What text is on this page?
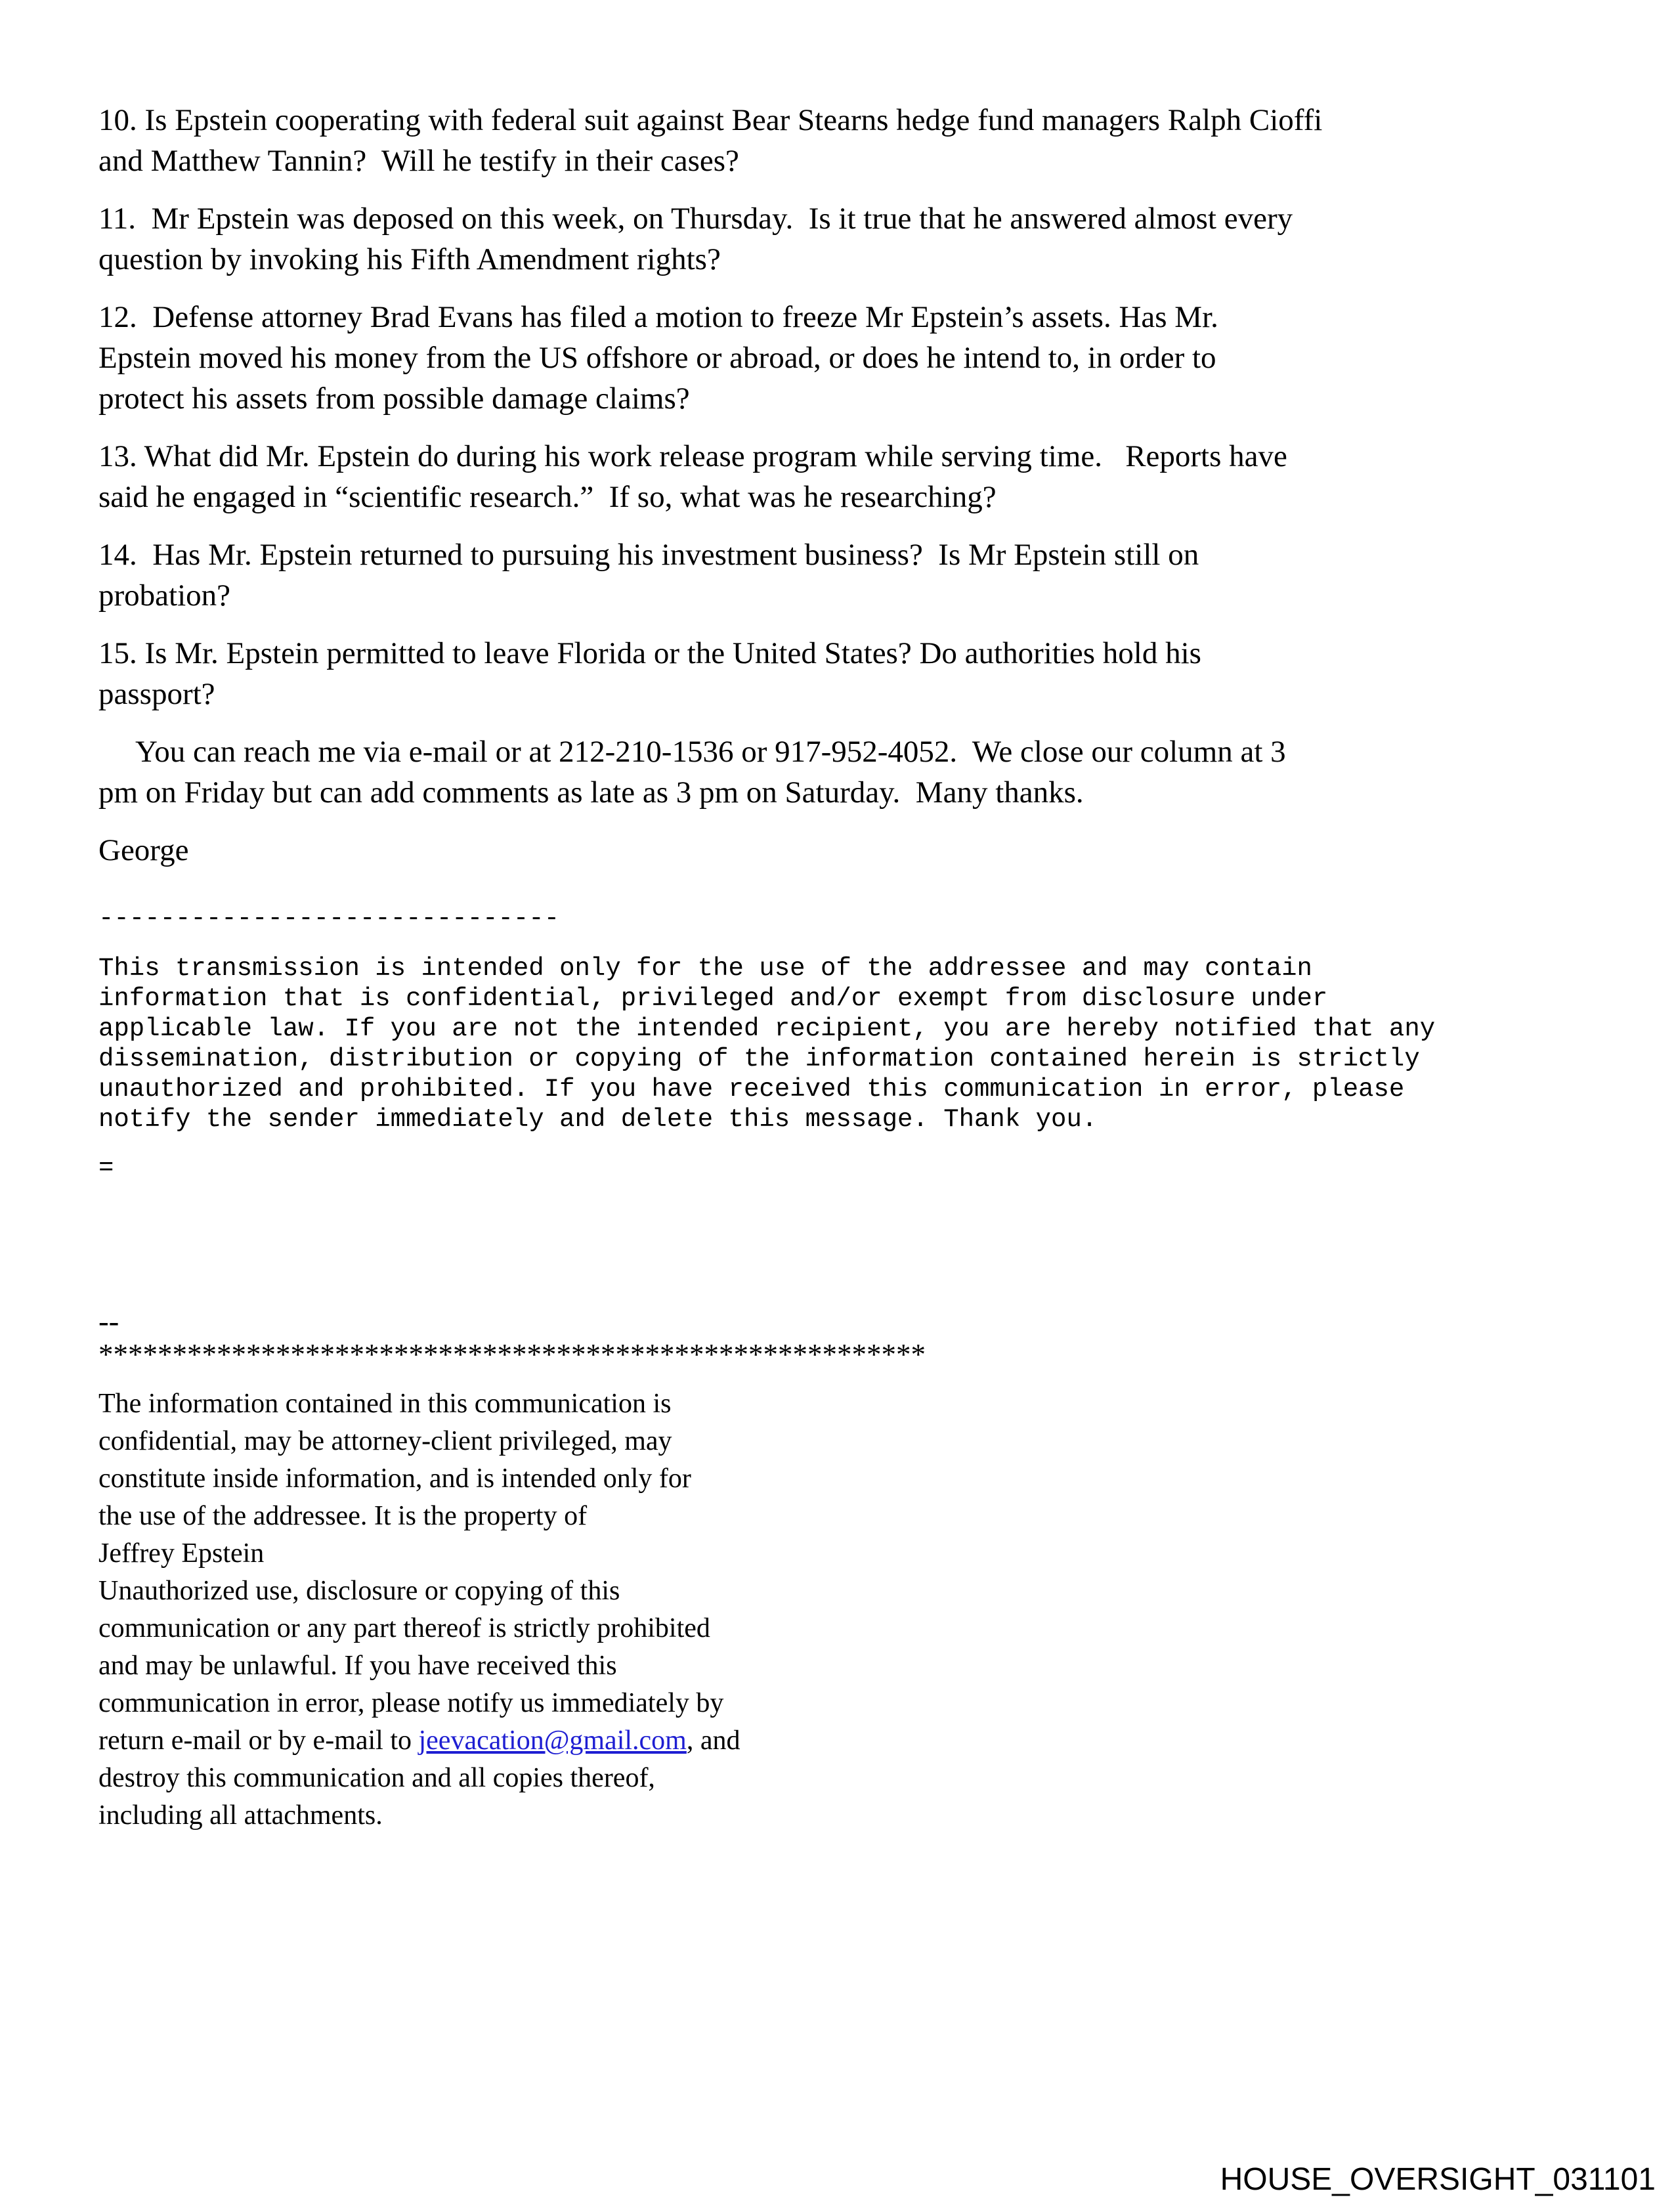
10. Is Epstein cooperating with federal suit against Bear Stearns hedge fund managers Ralph Cioffi
and Matthew Tannin?  Will he testify in their cases?

11.  Mr Epstein was deposed on this week, on Thursday.  Is it true that he answered almost every
question by invoking his Fifth Amendment rights?

12.  Defense attorney Brad Evans has filed a motion to freeze Mr Epstein’s assets. Has Mr.
Epstein moved his money from the US offshore or abroad, or does he intend to, in order to
protect his assets from possible damage claims?

13. What did Mr. Epstein do during his work release program while serving time.   Reports have
said he engaged in “scientific research.”  If so, what was he researching?

14.  Has Mr. Epstein returned to pursuing his investment business?  Is Mr Epstein still on
probation?

15. Is Mr. Epstein permitted to leave Florida or the United States? Do authorities hold his
passport?

You can reach me via e-mail or at 212-210-1536 or 917-952-4052.  We close our column at 3
pm on Friday but can add comments as late as 3 pm on Saturday.  Many thanks.

George

------------------------------
This transmission is intended only for the use of the addressee and may contain
information that is confidential, privileged and/or exempt from disclosure under
applicable law. If you are not the intended recipient, you are hereby notified that any
dissemination, distribution or copying of the information contained herein is strictly
unauthorized and prohibited. If you have received this communication in error, please
notify the sender immediately and delete this message. Thank you.
=
--
********************************************************
The information contained in this communication is
confidential, may be attorney-client privileged, may
constitute inside information, and is intended only for
the use of the addressee. It is the property of
Jeffrey Epstein
Unauthorized use, disclosure or copying of this
communication or any part thereof is strictly prohibited
and may be unlawful. If you have received this
communication in error, please notify us immediately by
return e-mail or by e-mail to jeevacation@gmail.com, and
destroy this communication and all copies thereof,
including all attachments.
HOUSE_OVERSIGHT_031101
